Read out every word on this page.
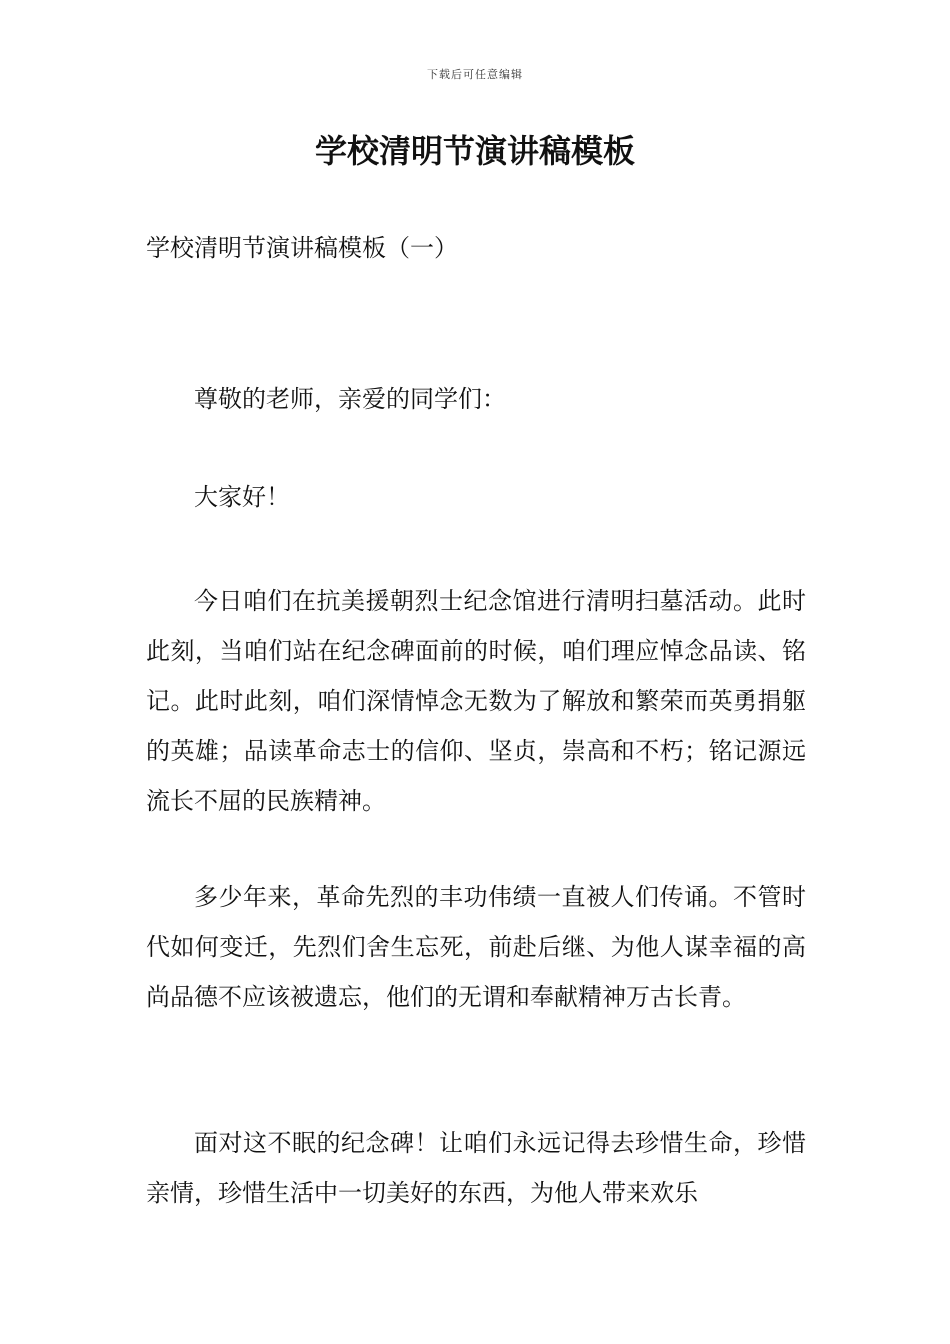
下载后可任意编辑
学校清明节演讲稿模板

学校清明节演讲稿模板（一）

尊敬的老师，亲爱的同学们：

大家好！

今日咱们在抗美援朝烈士纪念馆进行清明扫墓活动。此时此刻，当咱们站在纪念碑面前的时候，咱们理应悼念品读、铭记。此时此刻，咱们深情悼念无数为了解放和繁荣而英勇捐躯的英雄；品读革命志士的信仰、坚贞，崇高和不朽；铭记源远流长不屈的民族精神。

多少年来，革命先烈的丰功伟绩一直被人们传诵。不管时代如何变迁，先烈们舍生忘死，前赴后继、为他人谋幸福的高尚品德不应该被遗忘，他们的无谓和奉献精神万古长青。

面对这不眠的纪念碑！让咱们永远记得去珍惜生命，珍惜亲情，珍惜生活中一切美好的东西，为他人带来欢乐
